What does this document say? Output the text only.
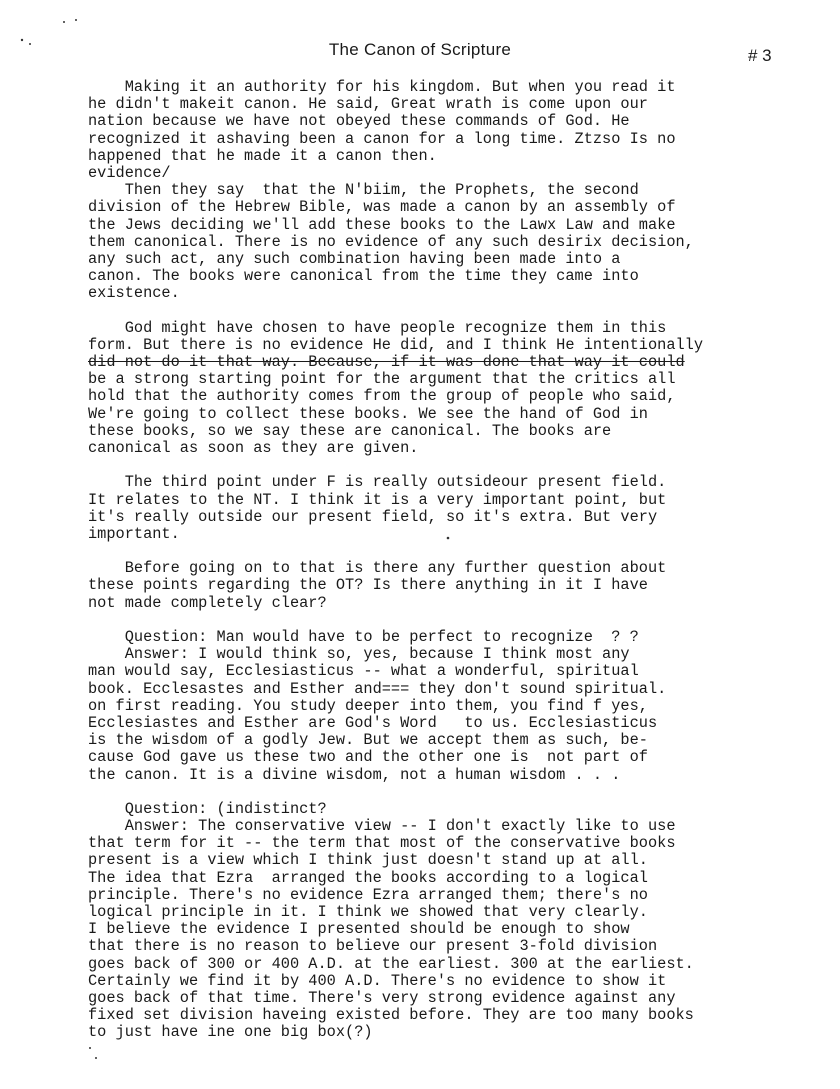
The Canon of Scripture	# 3
Making it an authority for his kingdom. But when you read it
he didn't makeit canon. He said, Great wrath is come upon our
nation because we have not obeyed these commands of God. He
recognized it ashaving been a canon for a long time. Ztzso Is no
happened that he made it a canon then.
evidence/
Then they say  that the N'biim, the Prophets, the second
division of the Hebrew Bible, was made a canon by an assembly of
the Jews deciding we'll add these books to the Lawx Law and make
them canonical. There is no evidence of any such desirix decision,
any such act, any such combination having been made into a
canon. The books were canonical from the time they came into
existence.
God might have chosen to have people recognize them in this
form. But there is no evidence He did, and I think He intentionally
did not do it that way. Because, if it was done that way it could
be a strong starting point for the argument that the critics all
hold that the authority comes from the group of people who said,
We're going to collect these books. We see the hand of God in
these books, so we say these are canonical. The books are
canonical as soon as they are given.
The third point under F is really outsideour present field.
It relates to the NT. I think it is a very important point, but
it's really outside our present field, so it's extra. But very
important.
Before going on to that is there any further question about
these points regarding the OT? Is there anything in it I have
not made completely clear?
Question: Man would have to be perfect to recognize  ? ?
Answer: I would think so, yes, because I think most any
man would say, Ecclesiasticus -- what a wonderful, spiritual
book. Ecclesastes and Esther and=== they don't sound spiritual.
on first reading. You study deeper into them, you find f yes,
Ecclesiastes and Esther are God's Word   to us. Ecclesiasticus
is the wisdom of a godly Jew. But we accept them as such, be-
cause God gave us these two and the other one is  not part of
the canon. It is a divine wisdom, not a human wisdom . . .
Question: (indistinct?
Answer: The conservative view -- I don't exactly like to use
that term for it -- the term that most of the conservative books
present is a view which I think just doesn't stand up at all.
The idea that Ezra  arranged the books according to a logical
principle. There's no evidence Ezra arranged them; there's no
logical principle in it. I think we showed that very clearly.
I believe the evidence I presented should be enough to show
that there is no reason to believe our present 3-fold division
goes back of 300 or 400 A.D. at the earliest. 300 at the earliest.
Certainly we find it by 400 A.D. There's no evidence to show it
goes back of that time. There's very strong evidence against any
fixed set division haveing existed before. They are too many books
to just have ine one big box(?)
